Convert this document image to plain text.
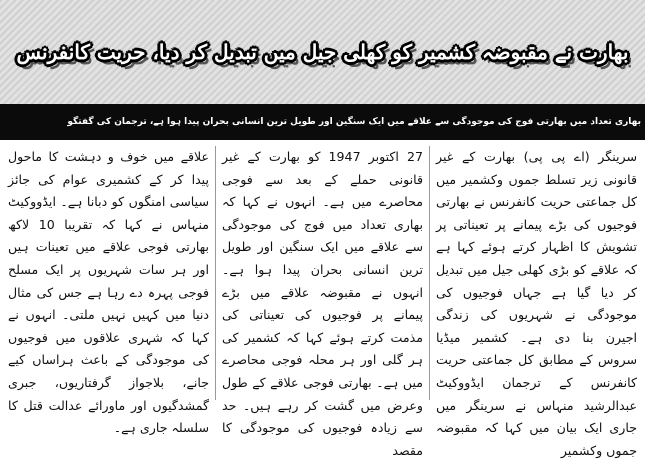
بھارت نے مقبوضہ کشمیر کو کھلی جیل میں تبدیل کر دیا، حریت کانفرنس
بھاری تعداد میں بھارتی فوج کی موجودگی سے علاقے میں ایک سنگین اور طویل ترین انسانی بحران پیدا ہوا ہے، ترجمان کی گفتگو

سرینگر (اے پی پی) بھارت کے غیر قانونی زیر تسلط جموں وکشمیر میں کل جماعتی حریت کانفرنس نے بھارتی فوجیوں کی بڑے پیمانے پر تعیناتی پر تشویش کا اظہار کرتے ہوئے کہا ہے کہ علاقے کو بڑی کھلی جیل میں تبدیل کر دیا گیا ہے جہاں فوجیوں کی موجودگی نے شہریوں کی زندگی اجیرن بنا دی ہے۔ کشمیر میڈیا سروس کے مطابق کل جماعتی حریت کانفرنس کے ترجمان ایڈووکیٹ عبدالرشید منہاس نے سرینگر میں جاری ایک بیان میں کہا کہ مقبوضہ جموں وکشمیر

27 اکتوبر 1947 کو بھارت کے غیر قانونی حملے کے بعد سے فوجی محاصرے میں ہے۔ انہوں نے کہا کہ بھاری تعداد میں فوج کی موجودگی سے علاقے میں ایک سنگین اور طویل ترین انسانی بحران پیدا ہوا ہے۔ انہوں نے مقبوضہ علاقے میں بڑے پیمانے پر فوجیوں کی تعیناتی کی مذمت کرتے ہوئے کہا کہ کشمیر کی ہر گلی اور ہر محلہ فوجی محاصرے میں ہے۔ بھارتی فوجی علاقے کے طول وعرض میں گشت کر رہے ہیں۔ حد سے زیادہ فوجیوں کی موجودگی کا مقصد

علاقے میں خوف و دہشت کا ماحول پیدا کر کے کشمیری عوام کی جائز سیاسی امنگوں کو دبانا ہے۔ ایڈووکیٹ منہاس نے کہا کہ تقریبا 10 لاکھ بھارتی فوجی علاقے میں تعینات ہیں اور ہر سات شہریوں پر ایک مسلح فوجی پہرہ دے رہا ہے جس کی مثال دنیا میں کہیں نہیں ملتی۔ انہوں نے کہا کہ شہری علاقوں میں فوجیوں کی موجودگی کے باعث ہراساں کیے جانے، بلاجواز گرفتاریوں، جبری گمشدگیوں اور ماورائے عدالت قتل کا سلسلہ جاری ہے۔
